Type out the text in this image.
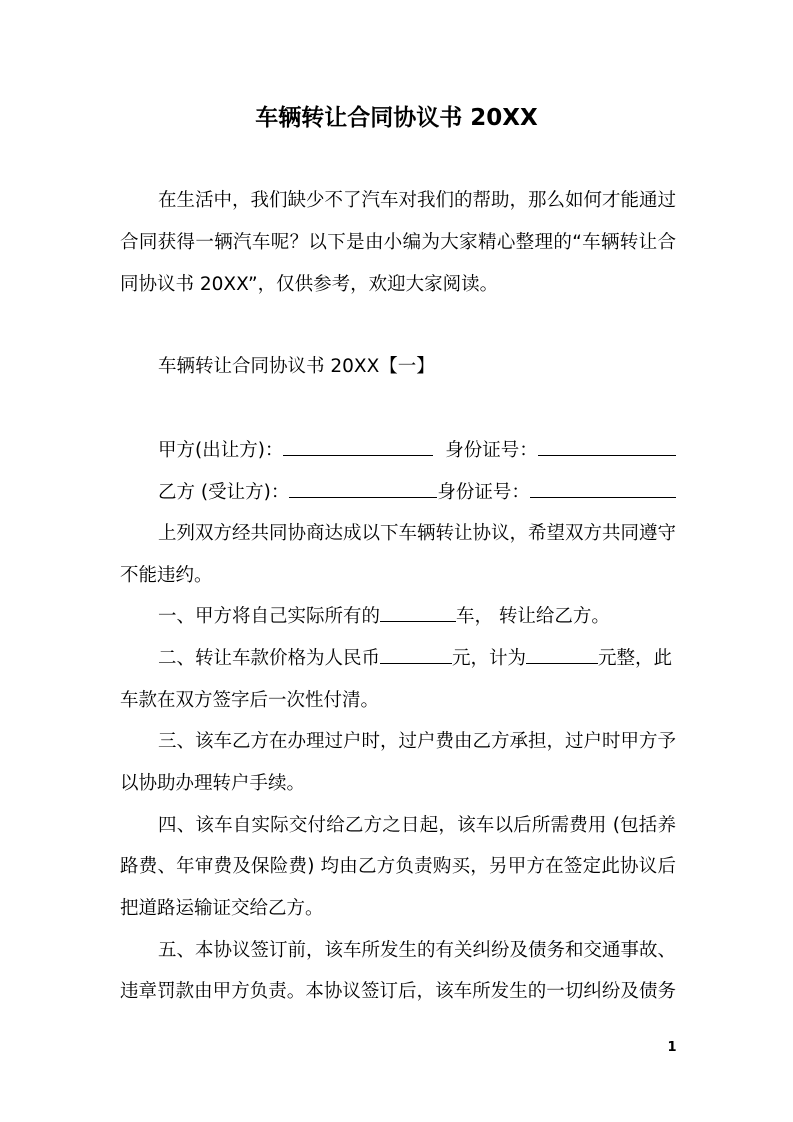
车辆转让合同协议书 20XX
在生活中，我们缺少不了汽车对我们的帮助，那么如何才能通过
合同获得一辆汽车呢？以下是由小编为大家精心整理的“车辆转让合
同协议书 20XX”，仅供参考，欢迎大家阅读。
车辆转让合同协议书 20XX【一】
甲方(出让方)：	身份证号：
乙方 (受让方)：	身份证号：
上列双方经共同协商达成以下车辆转让协议，希望双方共同遵守
不能违约。
一、甲方将自己实际所有的	车， 转让给乙方。
二、转让车款价格为人民币	元，计为	元整，此
车款在双方签字后一次性付清。
三、该车乙方在办理过户时，过户费由乙方承担，过户时甲方予
以协助办理转户手续。
四、该车自实际交付给乙方之日起，该车以后所需费用 (包括养
路费、年审费及保险费) 均由乙方负责购买，另甲方在签定此协议后
把道路运输证交给乙方。
五、本协议签订前，该车所发生的有关纠纷及债务和交通事故、
违章罚款由甲方负责。本协议签订后，该车所发生的一切纠纷及债务
1
